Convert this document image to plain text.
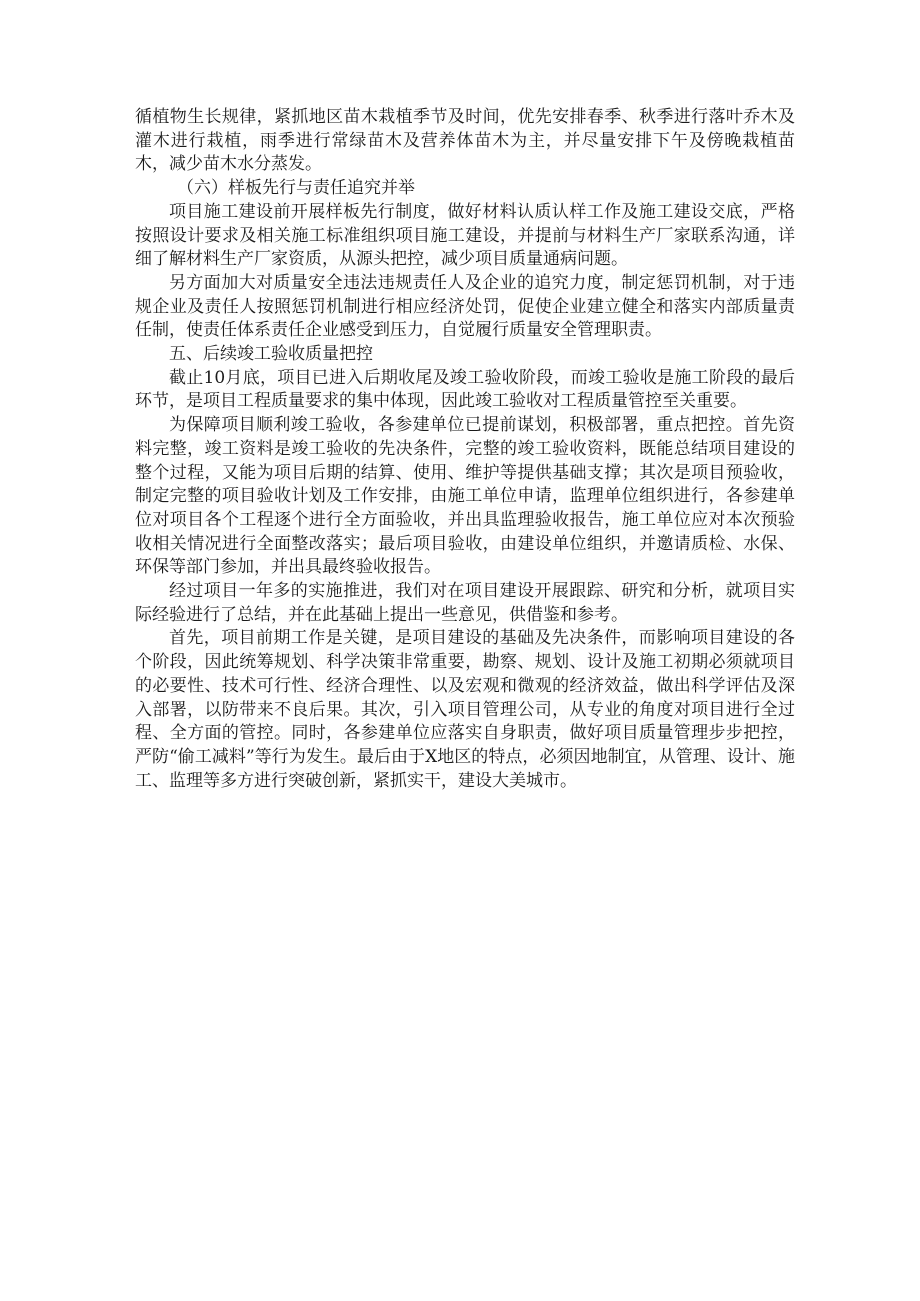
循植物生长规律，紧抓地区苗木栽植季节及时间，优先安排春季、秋季进行落叶乔木及灌木进行栽植，雨季进行常绿苗木及营养体苗木为主，并尽量安排下午及傍晚栽植苗木，减少苗木水分蒸发。

（六）样板先行与责任追究并举

项目施工建设前开展样板先行制度，做好材料认质认样工作及施工建设交底，严格按照设计要求及相关施工标准组织项目施工建设，并提前与材料生产厂家联系沟通，详细了解材料生产厂家资质，从源头把控，减少项目质量通病问题。

另方面加大对质量安全违法违规责任人及企业的追究力度，制定惩罚机制，对于违规企业及责任人按照惩罚机制进行相应经济处罚，促使企业建立健全和落实内部质量责任制，使责任体系责任企业感受到压力，自觉履行质量安全管理职责。

五、后续竣工验收质量把控

截止10月底，项目已进入后期收尾及竣工验收阶段，而竣工验收是施工阶段的最后环节，是项目工程质量要求的集中体现，因此竣工验收对工程质量管控至关重要。

为保障项目顺利竣工验收，各参建单位已提前谋划，积极部署，重点把控。首先资料完整，竣工资料是竣工验收的先决条件，完整的竣工验收资料，既能总结项目建设的整个过程，又能为项目后期的结算、使用、维护等提供基础支撑；其次是项目预验收，制定完整的项目验收计划及工作安排，由施工单位申请，监理单位组织进行，各参建单位对项目各个工程逐个进行全方面验收，并出具监理验收报告，施工单位应对本次预验收相关情况进行全面整改落实；最后项目验收，由建设单位组织，并邀请质检、水保、环保等部门参加，并出具最终验收报告。

经过项目一年多的实施推进，我们对在项目建设开展跟踪、研究和分析，就项目实际经验进行了总结，并在此基础上提出一些意见，供借鉴和参考。

首先，项目前期工作是关键，是项目建设的基础及先决条件，而影响项目建设的各个阶段，因此统筹规划、科学决策非常重要，勘察、规划、设计及施工初期必须就项目的必要性、技术可行性、经济合理性、以及宏观和微观的经济效益，做出科学评估及深入部署，以防带来不良后果。其次，引入项目管理公司，从专业的角度对项目进行全过程、全方面的管控。同时，各参建单位应落实自身职责，做好项目质量管理步步把控，严防“偷工减料”等行为发生。最后由于X地区的特点，必须因地制宜，从管理、设计、施工、监理等多方进行突破创新，紧抓实干，建设大美城市。
